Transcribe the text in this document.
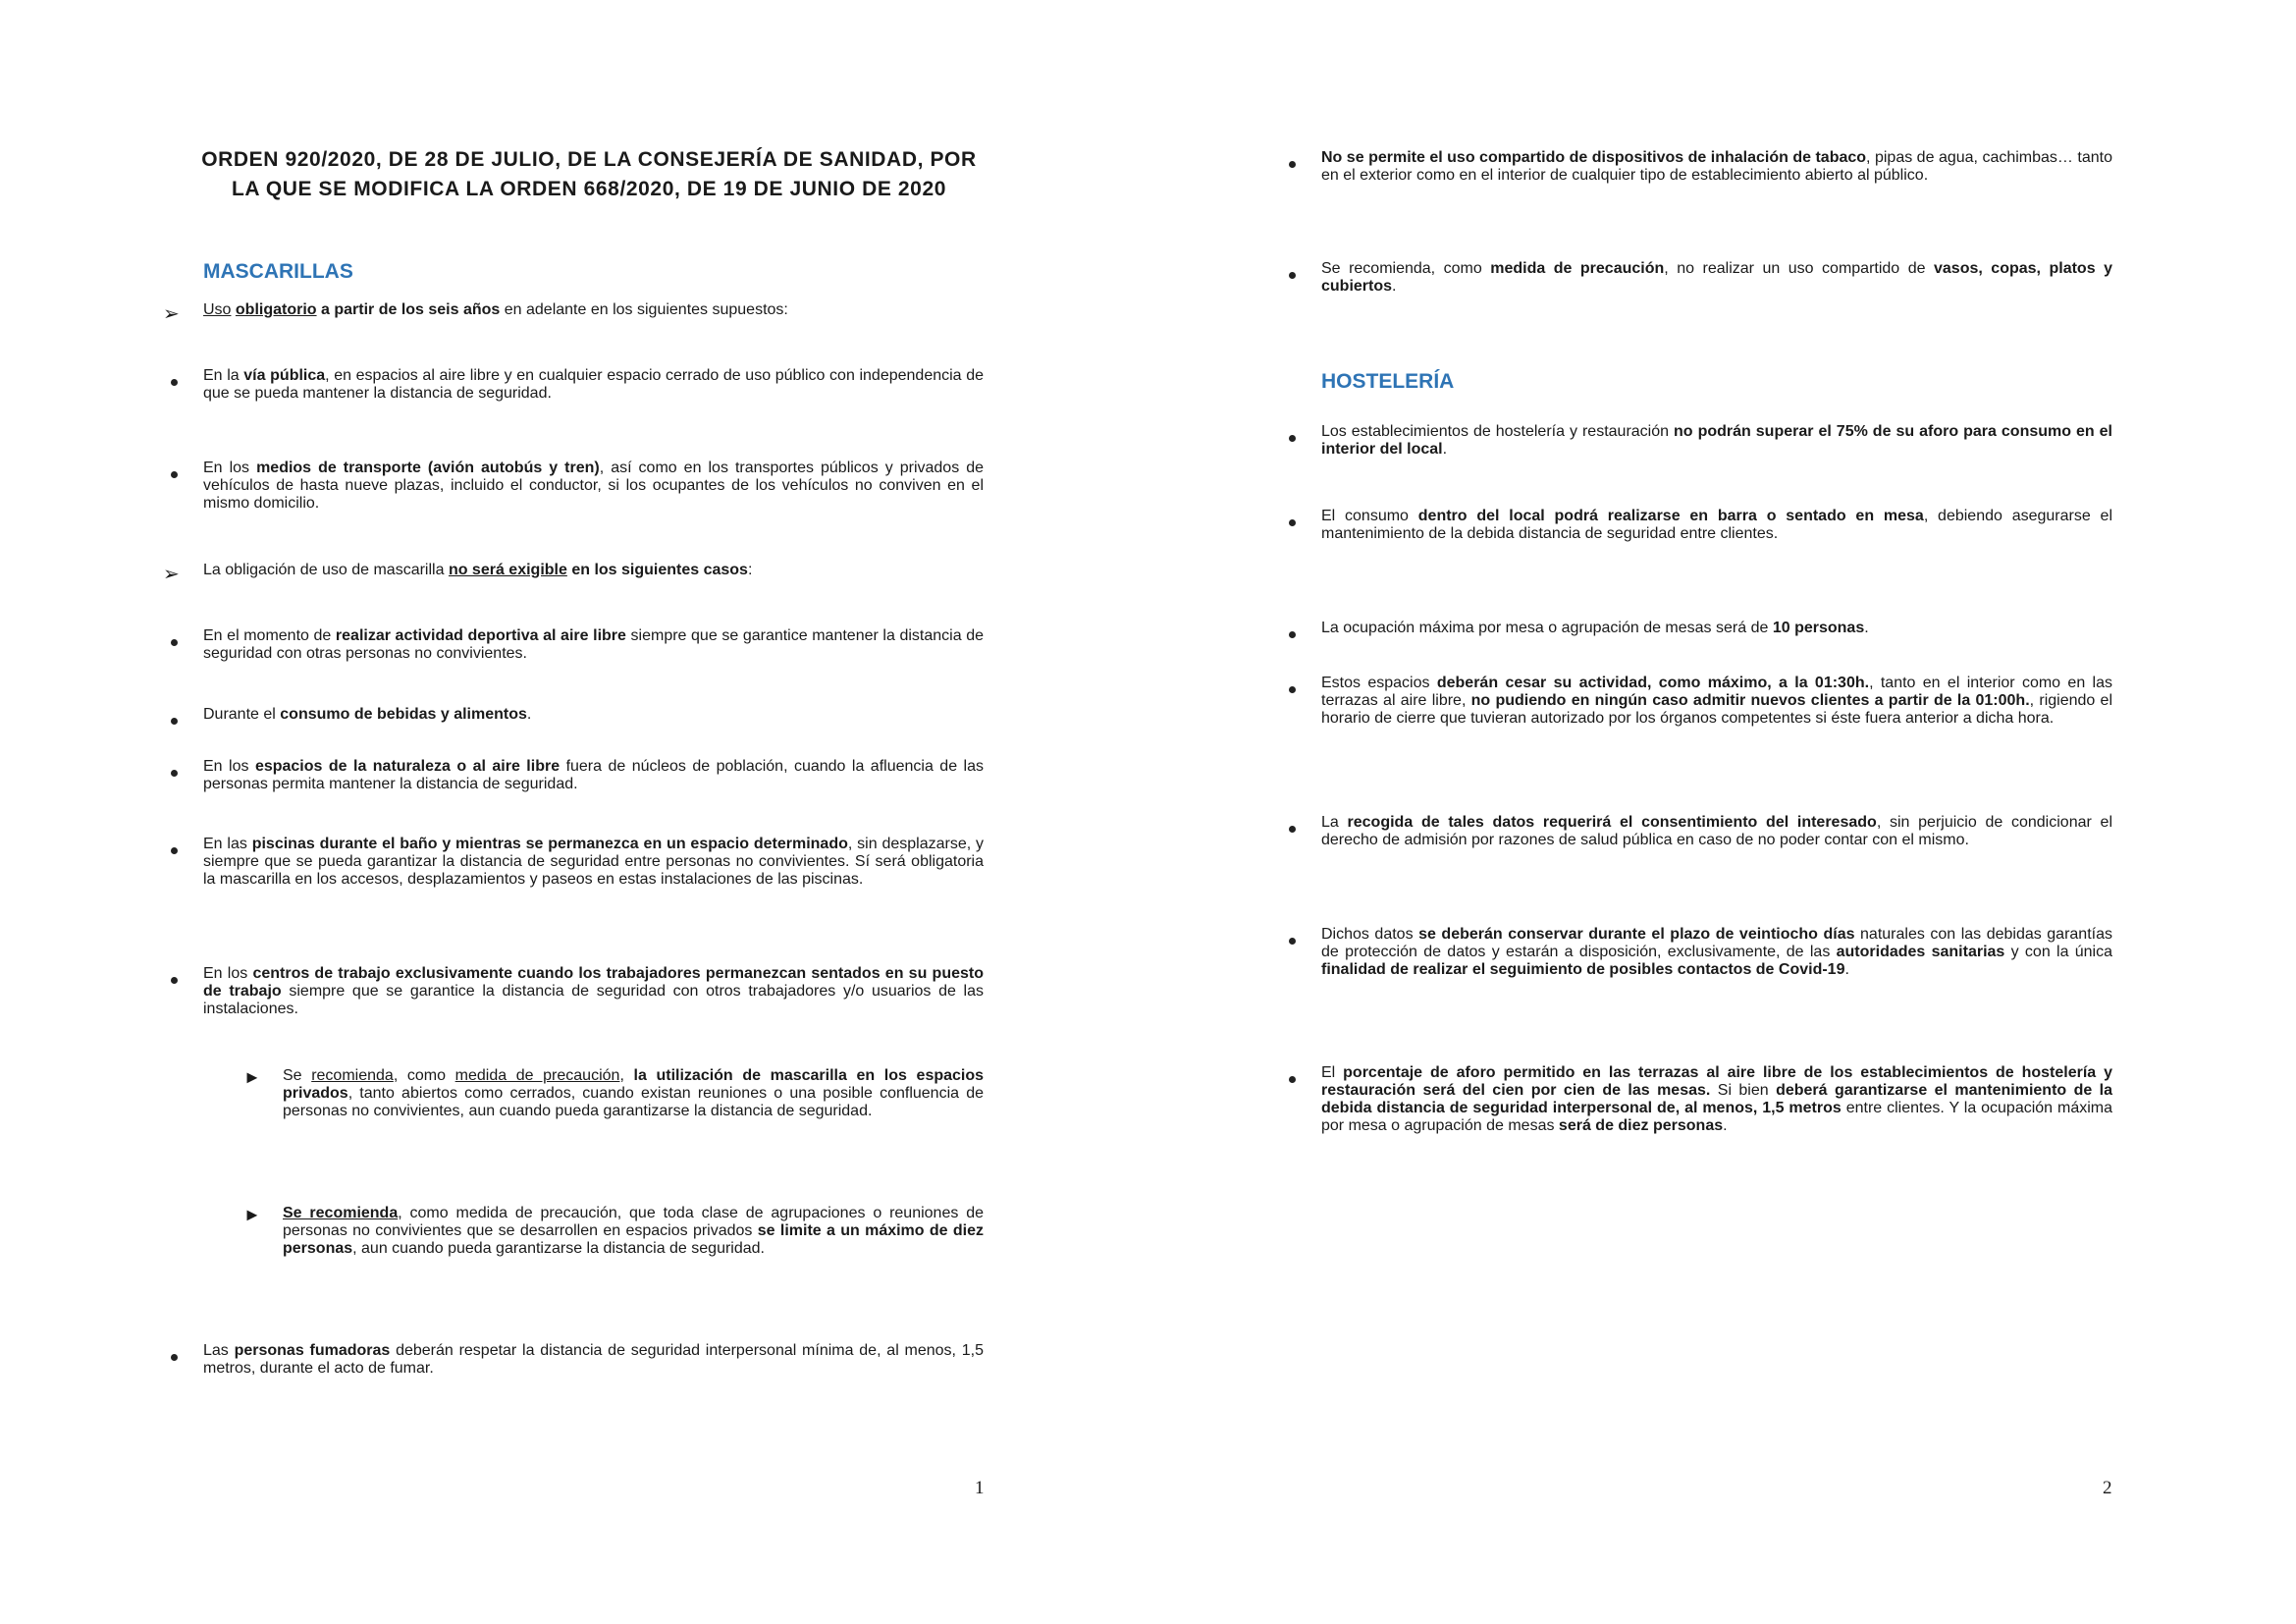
ORDEN 920/2020, DE 28 DE JULIO, DE LA CONSEJERÍA DE SANIDAD, POR
LA QUE SE MODIFICA LA ORDEN 668/2020, DE 19 DE JUNIO DE 2020
MASCARILLAS
➢	Uso obligatorio a partir de los seis años en adelante en los siguientes supuestos:
En la vía pública, en espacios al aire libre y en cualquier espacio cerrado de uso público con independencia de que se pueda mantener la distancia de seguridad.
En los medios de transporte (avión autobús y tren), así como en los transportes públicos y privados de vehículos de hasta nueve plazas, incluido el conductor, si los ocupantes de los vehículos no conviven en el mismo domicilio.
➢	La obligación de uso de mascarilla no será exigible en los siguientes casos:
En el momento de realizar actividad deportiva al aire libre siempre que se garantice mantener la distancia de seguridad con otras personas no convivientes.
Durante el consumo de bebidas y alimentos.
En los espacios de la naturaleza o al aire libre fuera de núcleos de población, cuando la afluencia de las personas permita mantener la distancia de seguridad.
En las piscinas durante el baño y mientras se permanezca en un espacio determinado, sin desplazarse, y siempre que se pueda garantizar la distancia de seguridad entre personas no convivientes. Sí será obligatoria la mascarilla en los accesos, desplazamientos y paseos en estas instalaciones de las piscinas.
En los centros de trabajo exclusivamente cuando los trabajadores permanezcan sentados en su puesto de trabajo siempre que se garantice la distancia de seguridad con otros trabajadores y/o usuarios de las instalaciones.
►	Se recomienda, como medida de precaución, la utilización de mascarilla en los espacios privados, tanto abiertos como cerrados, cuando existan reuniones o una posible confluencia de personas no convivientes, aun cuando pueda garantizarse la distancia de seguridad.
►	Se recomienda, como medida de precaución, que toda clase de agrupaciones o reuniones de personas no convivientes que se desarrollen en espacios privados se limite a un máximo de diez personas, aun cuando pueda garantizarse la distancia de seguridad.
Las personas fumadoras deberán respetar la distancia de seguridad interpersonal mínima de, al menos, 1,5 metros, durante el acto de fumar.
1
No se permite el uso compartido de dispositivos de inhalación de tabaco, pipas de agua, cachimbas… tanto en el exterior como en el interior de cualquier tipo de establecimiento abierto al público.
Se recomienda, como medida de precaución, no realizar un uso compartido de vasos, copas, platos y cubiertos.
HOSTELERÍA
Los establecimientos de hostelería y restauración no podrán superar el 75% de su aforo para consumo en el interior del local.
El consumo dentro del local podrá realizarse en barra o sentado en mesa, debiendo asegurarse el mantenimiento de la debida distancia de seguridad entre clientes.
La ocupación máxima por mesa o agrupación de mesas será de 10 personas.
Estos espacios deberán cesar su actividad, como máximo, a la 01:30h., tanto en el interior como en las terrazas al aire libre, no pudiendo en ningún caso admitir nuevos clientes a partir de la 01:00h., rigiendo el horario de cierre que tuvieran autorizado por los órganos competentes si éste fuera anterior a dicha hora.
La recogida de tales datos requerirá el consentimiento del interesado, sin perjuicio de condicionar el derecho de admisión por razones de salud pública en caso de no poder contar con el mismo.
Dichos datos se deberán conservar durante el plazo de veintiocho días naturales con las debidas garantías de protección de datos y estarán a disposición, exclusivamente, de las autoridades sanitarias y con la única finalidad de realizar el seguimiento de posibles contactos de Covid-19.
El porcentaje de aforo permitido en las terrazas al aire libre de los establecimientos de hostelería y restauración será del cien por cien de las mesas. Si bien deberá garantizarse el mantenimiento de la debida distancia de seguridad interpersonal de, al menos, 1,5 metros entre clientes. Y la ocupación máxima por mesa o agrupación de mesas será de diez personas.
2
